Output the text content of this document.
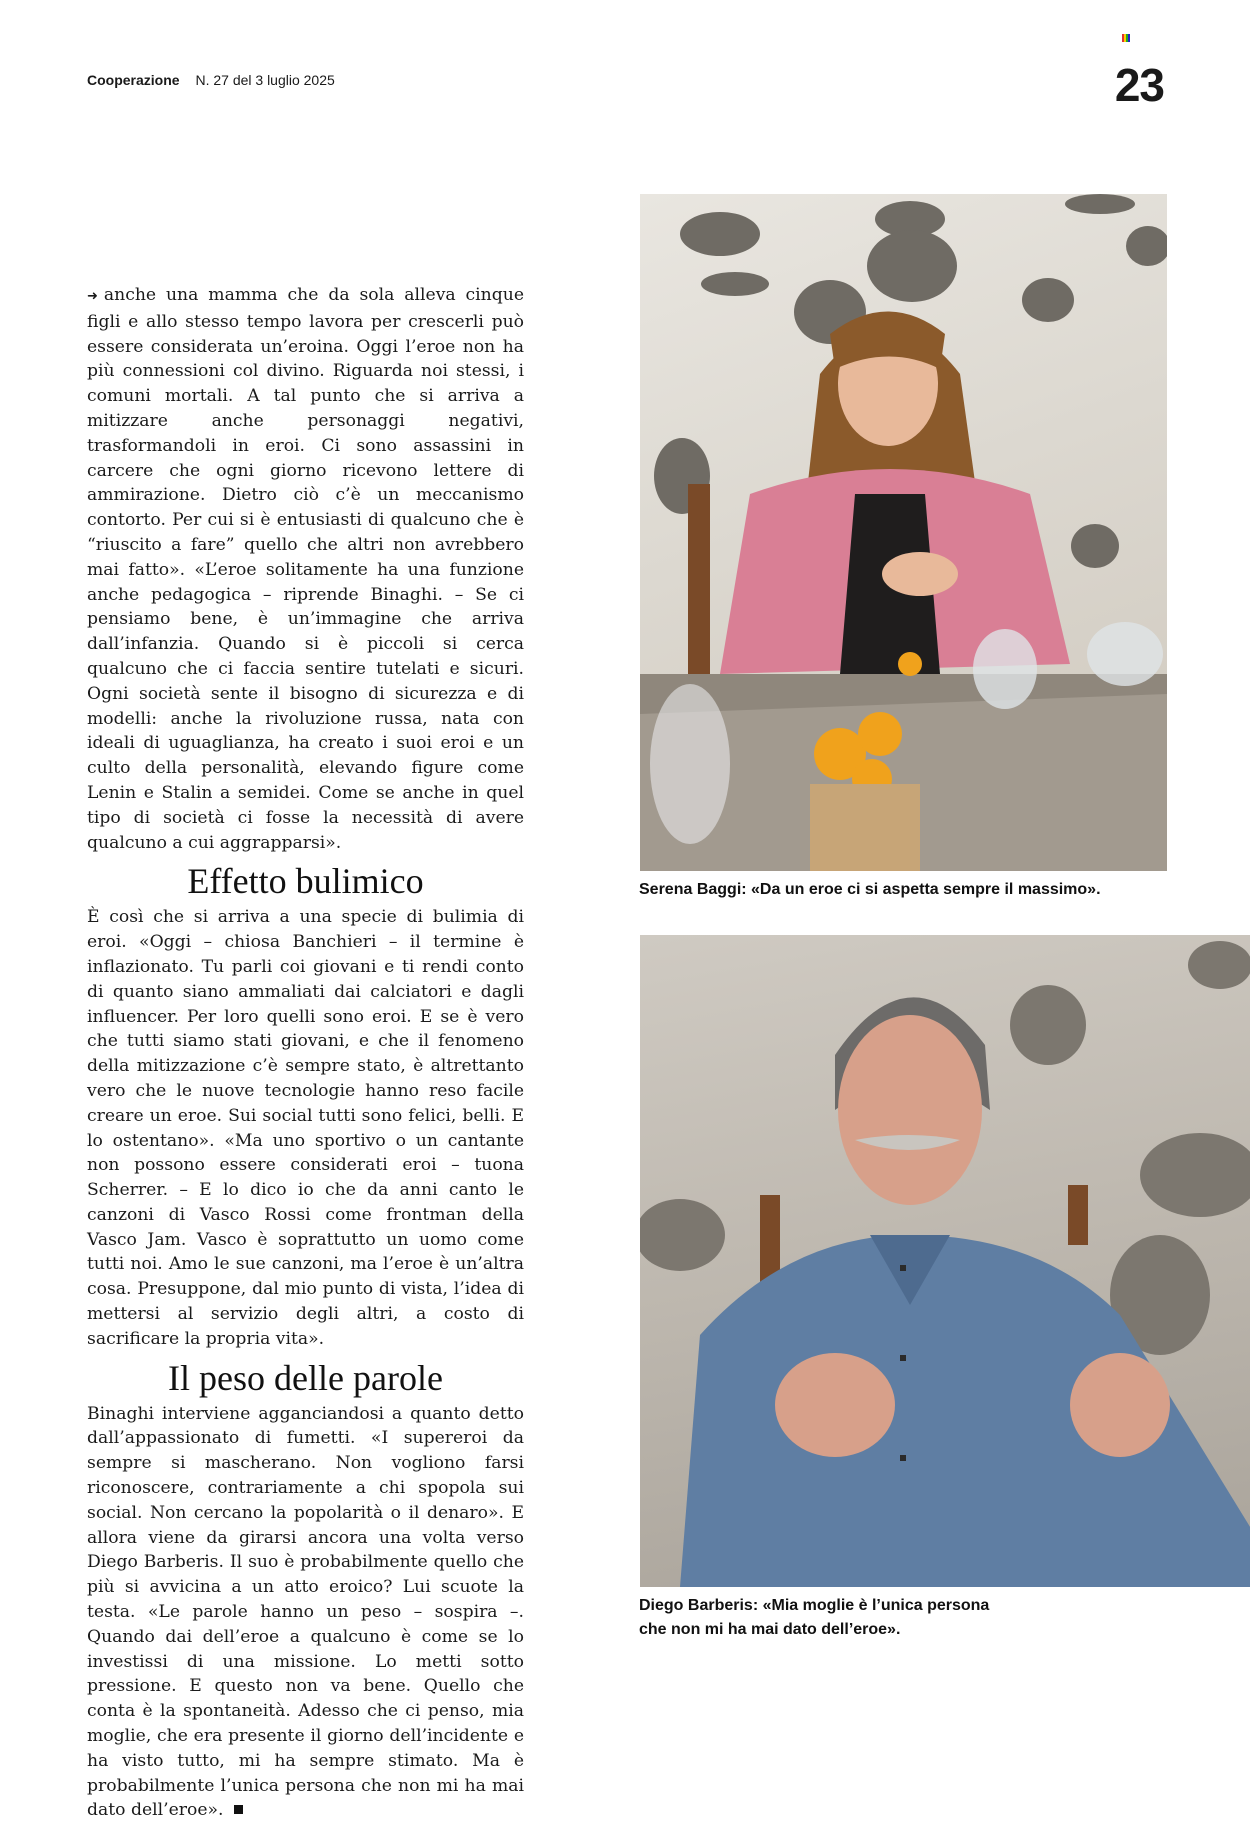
Cooperazione N. 27 del 3 luglio 2025	23

➜ anche una mamma che da sola alleva cinque figli e allo stesso tempo lavora per crescerli può essere considerata un’eroina. Oggi l’eroe non ha più connessioni col divino. Riguarda noi stessi, i comuni mortali. A tal punto che si arriva a mitizzare anche personaggi negativi, trasformandoli in eroi. Ci sono assassini in carcere che ogni giorno ricevono lettere di ammirazione. Dietro ciò c’è un meccanismo contorto. Per cui si è entusiasti di qualcuno che è “riuscito a fare” quello che altri non avrebbero mai fatto». «L’eroe solitamente ha una funzione anche pedagogica – riprende Binaghi. – Se ci pensiamo bene, è un’immagine che arriva dall’infanzia. Quando si è piccoli si cerca qualcuno che ci faccia sentire tutelati e sicuri. Ogni società sente il bisogno di sicurezza e di modelli: anche la rivoluzione russa, nata con ideali di uguaglianza, ha creato i suoi eroi e un culto della personalità, elevando figure come Lenin e Stalin a semidei. Come se anche in quel tipo di società ci fosse la necessità di avere qualcuno a cui aggrapparsi».

Effetto bulimico

È così che si arriva a una specie di bulimia di eroi. «Oggi – chiosa Banchieri – il termine è inflazionato. Tu parli coi giovani e ti rendi conto di quanto siano ammaliati dai calciatori e dagli influencer. Per loro quelli sono eroi. E se è vero che tutti siamo stati giovani, e che il fenomeno della mitizzazione c’è sempre stato, è altrettanto vero che le nuove tecnologie hanno reso facile creare un eroe. Sui social tutti sono felici, belli. E lo ostentano». «Ma uno sportivo o un cantante non possono essere considerati eroi – tuona Scherrer. – E lo dico io che da anni canto le canzoni di Vasco Rossi come frontman della Vasco Jam. Vasco è soprattutto un uomo come tutti noi. Amo le sue canzoni, ma l’eroe è un’altra cosa. Presuppone, dal mio punto di vista, l’idea di mettersi al servizio degli altri, a costo di sacrificare la propria vita».

Il peso delle parole

Binaghi interviene agganciandosi a quanto detto dall’appassionato di fumetti. «I supereroi da sempre si mascherano. Non vogliono farsi riconoscere, contrariamente a chi spopola sui social. Non cercano la popolarità o il denaro». E allora viene da girarsi ancora una volta verso Diego Barberis. Il suo è probabilmente quello che più si avvicina a un atto eroico? Lui scuote la testa. «Le parole hanno un peso – sospira –. Quando dai dell’eroe a qualcuno è come se lo investissi di una missione. Lo metti sotto pressione. E questo non va bene. Quello che conta è la spontaneità. Adesso che ci penso, mia moglie, che era presente il giorno dell’incidente e ha visto tutto, mi ha sempre stimato. Ma è probabilmente l’unica persona che non mi ha mai dato dell’eroe».

Serena Baggi: «Da un eroe ci si aspetta sempre il massimo».
Diego Barberis: «Mia moglie è l’unica persona
che non mi ha mai dato dell’eroe».
